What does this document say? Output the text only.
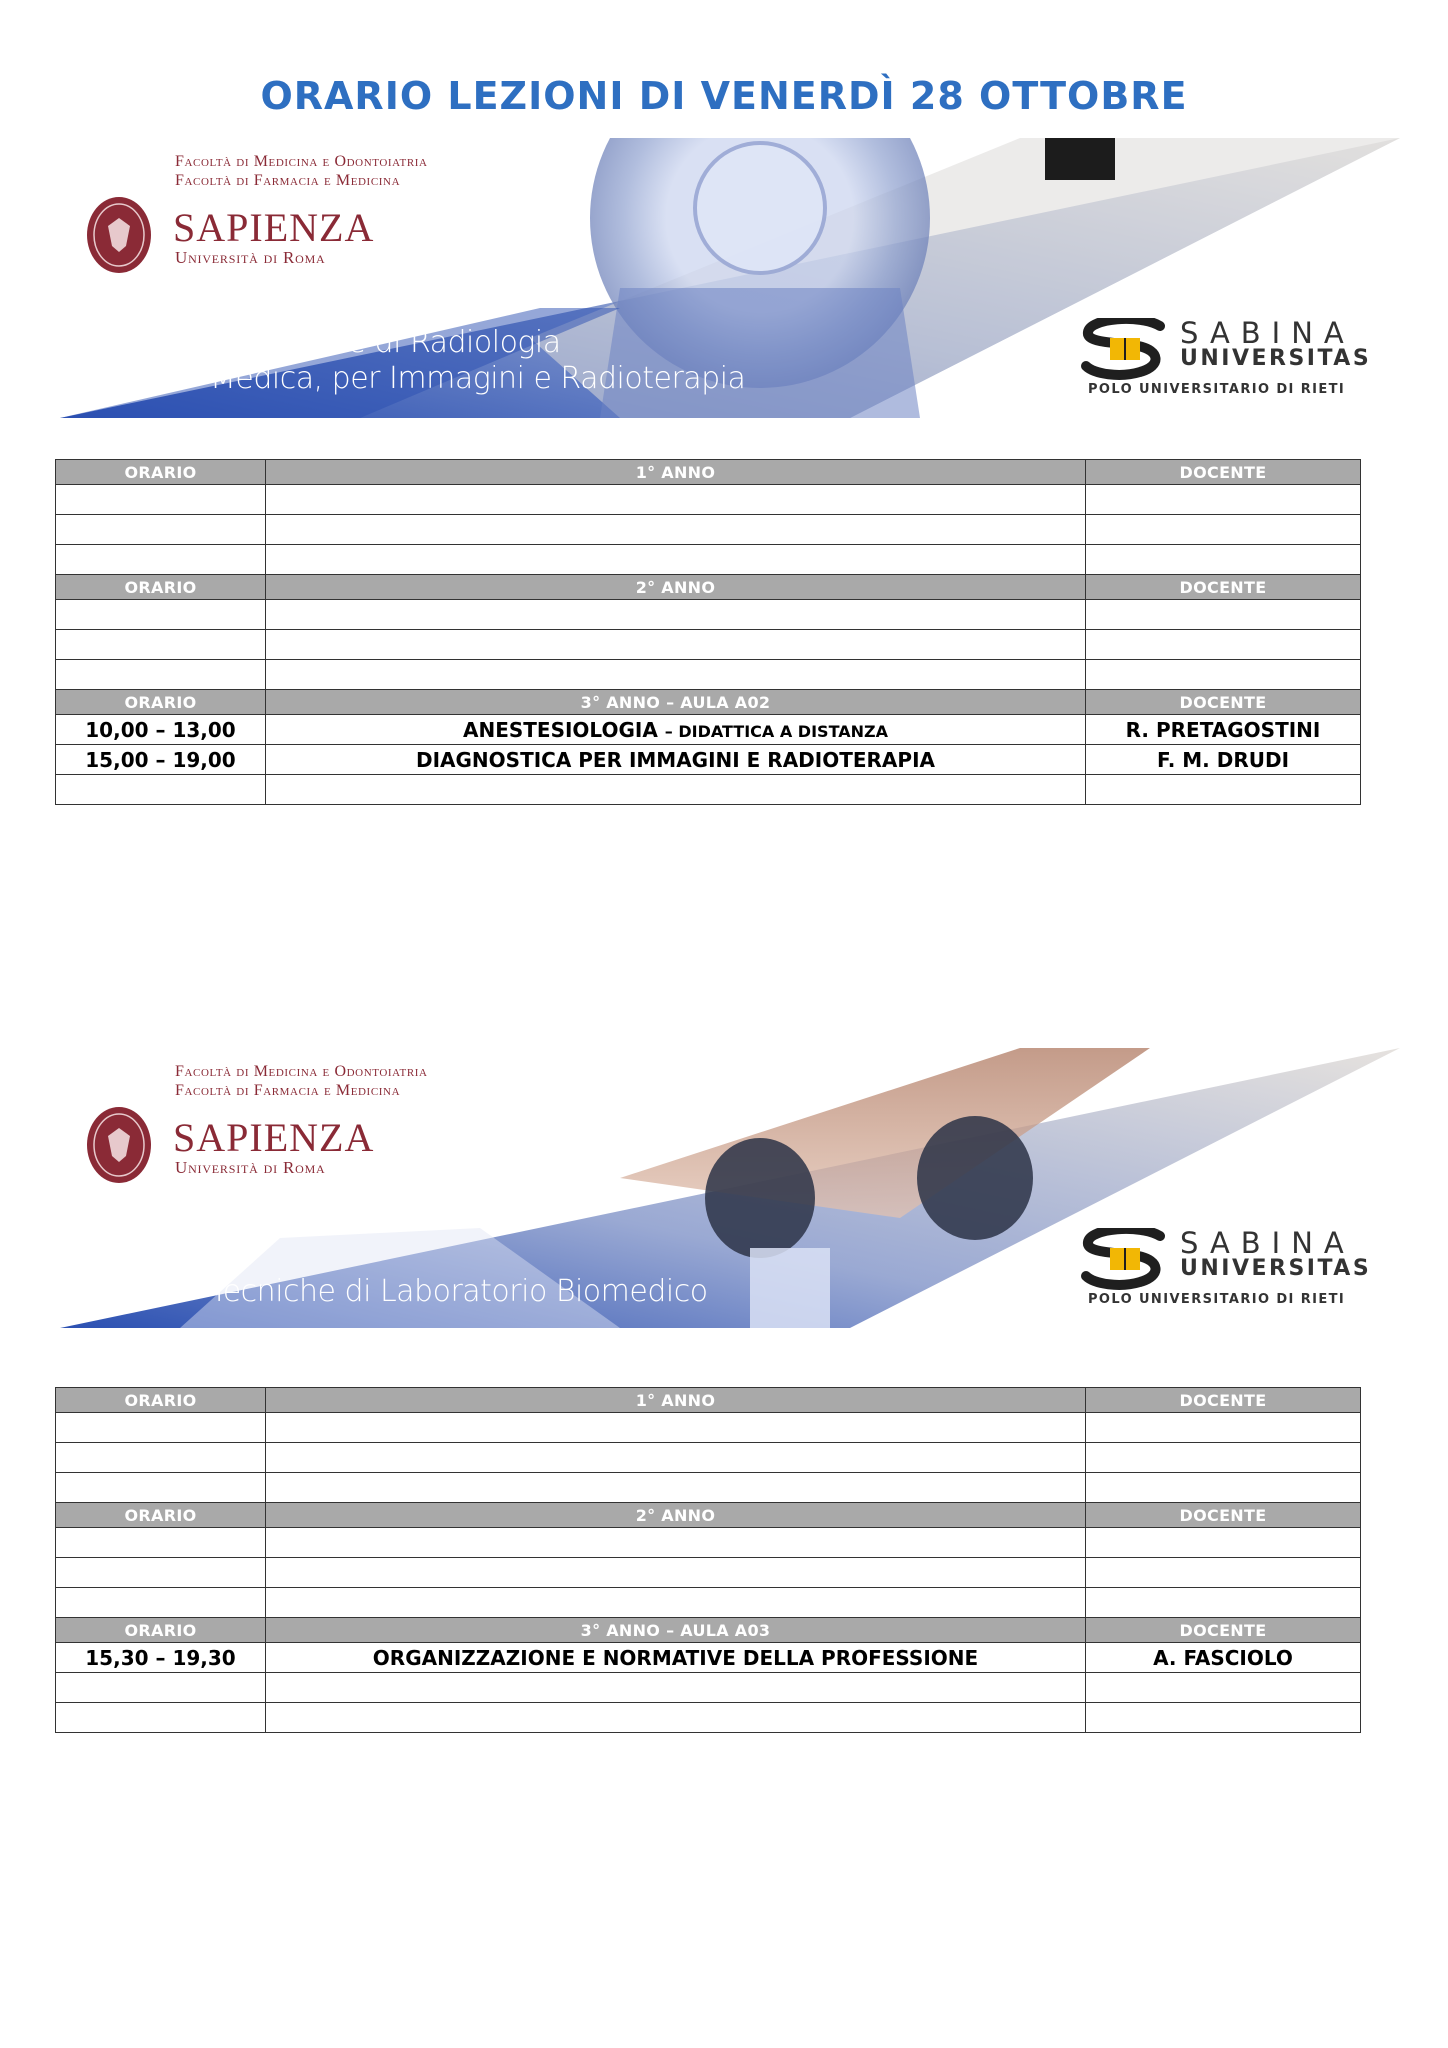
ORARIO LEZIONI DI VENERDÌ 28 OTTOBRE
Facoltà di Medicina e Odontoiatria
Facoltà di Farmacia e Medicina
SAPIENZA
Università di Roma
Tecniche di Radiologia
Medica, per Immagini e Radioterapia
SABINA
UNIVERSITAS
POLO UNIVERSITARIO DI RIETI
ORARIO	1° ANNO	DOCENTE

ORARIO	2° ANNO	DOCENTE

ORARIO	3° ANNO – AULA A02	DOCENTE
10,00 – 13,00	ANESTESIOLOGIA – DIDATTICA A DISTANZA	R. PRETAGOSTINI
15,00 – 19,00	DIAGNOSTICA PER IMMAGINI E RADIOTERAPIA	F. M. DRUDI

Facoltà di Medicina e Odontoiatria
Facoltà di Farmacia e Medicina
SAPIENZA
Università di Roma
Tecniche di Laboratorio Biomedico
SABINA
UNIVERSITAS
POLO UNIVERSITARIO DI RIETI
ORARIO	1° ANNO	DOCENTE

ORARIO	2° ANNO	DOCENTE

ORARIO	3° ANNO – AULA A03	DOCENTE
15,30 – 19,30	ORGANIZZAZIONE E NORMATIVE DELLA PROFESSIONE	A. FASCIOLO
